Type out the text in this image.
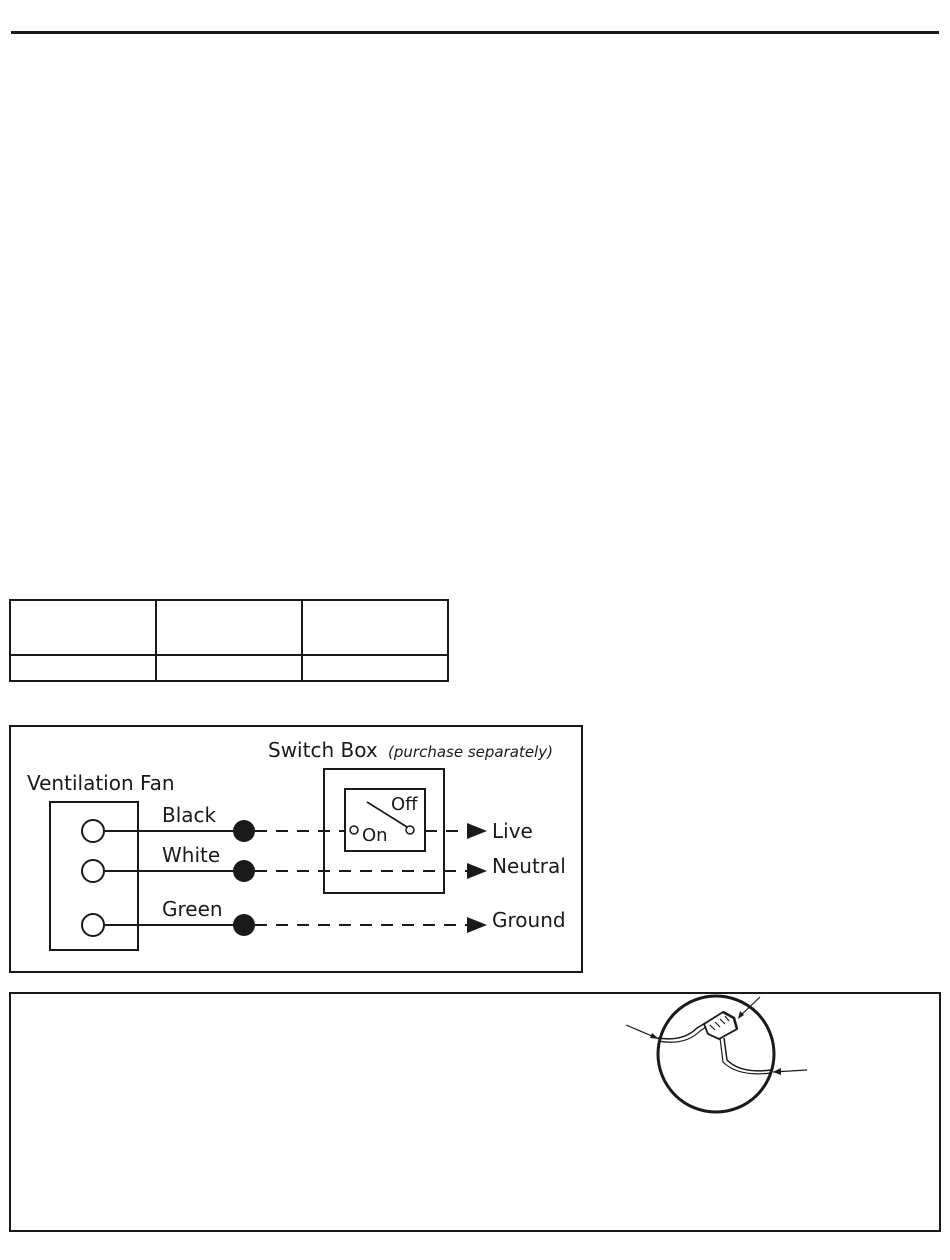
Ventilation Fan
Switch Box (purchase separately)
Off
On
Black
Live
White	Neutral
Green	Ground
